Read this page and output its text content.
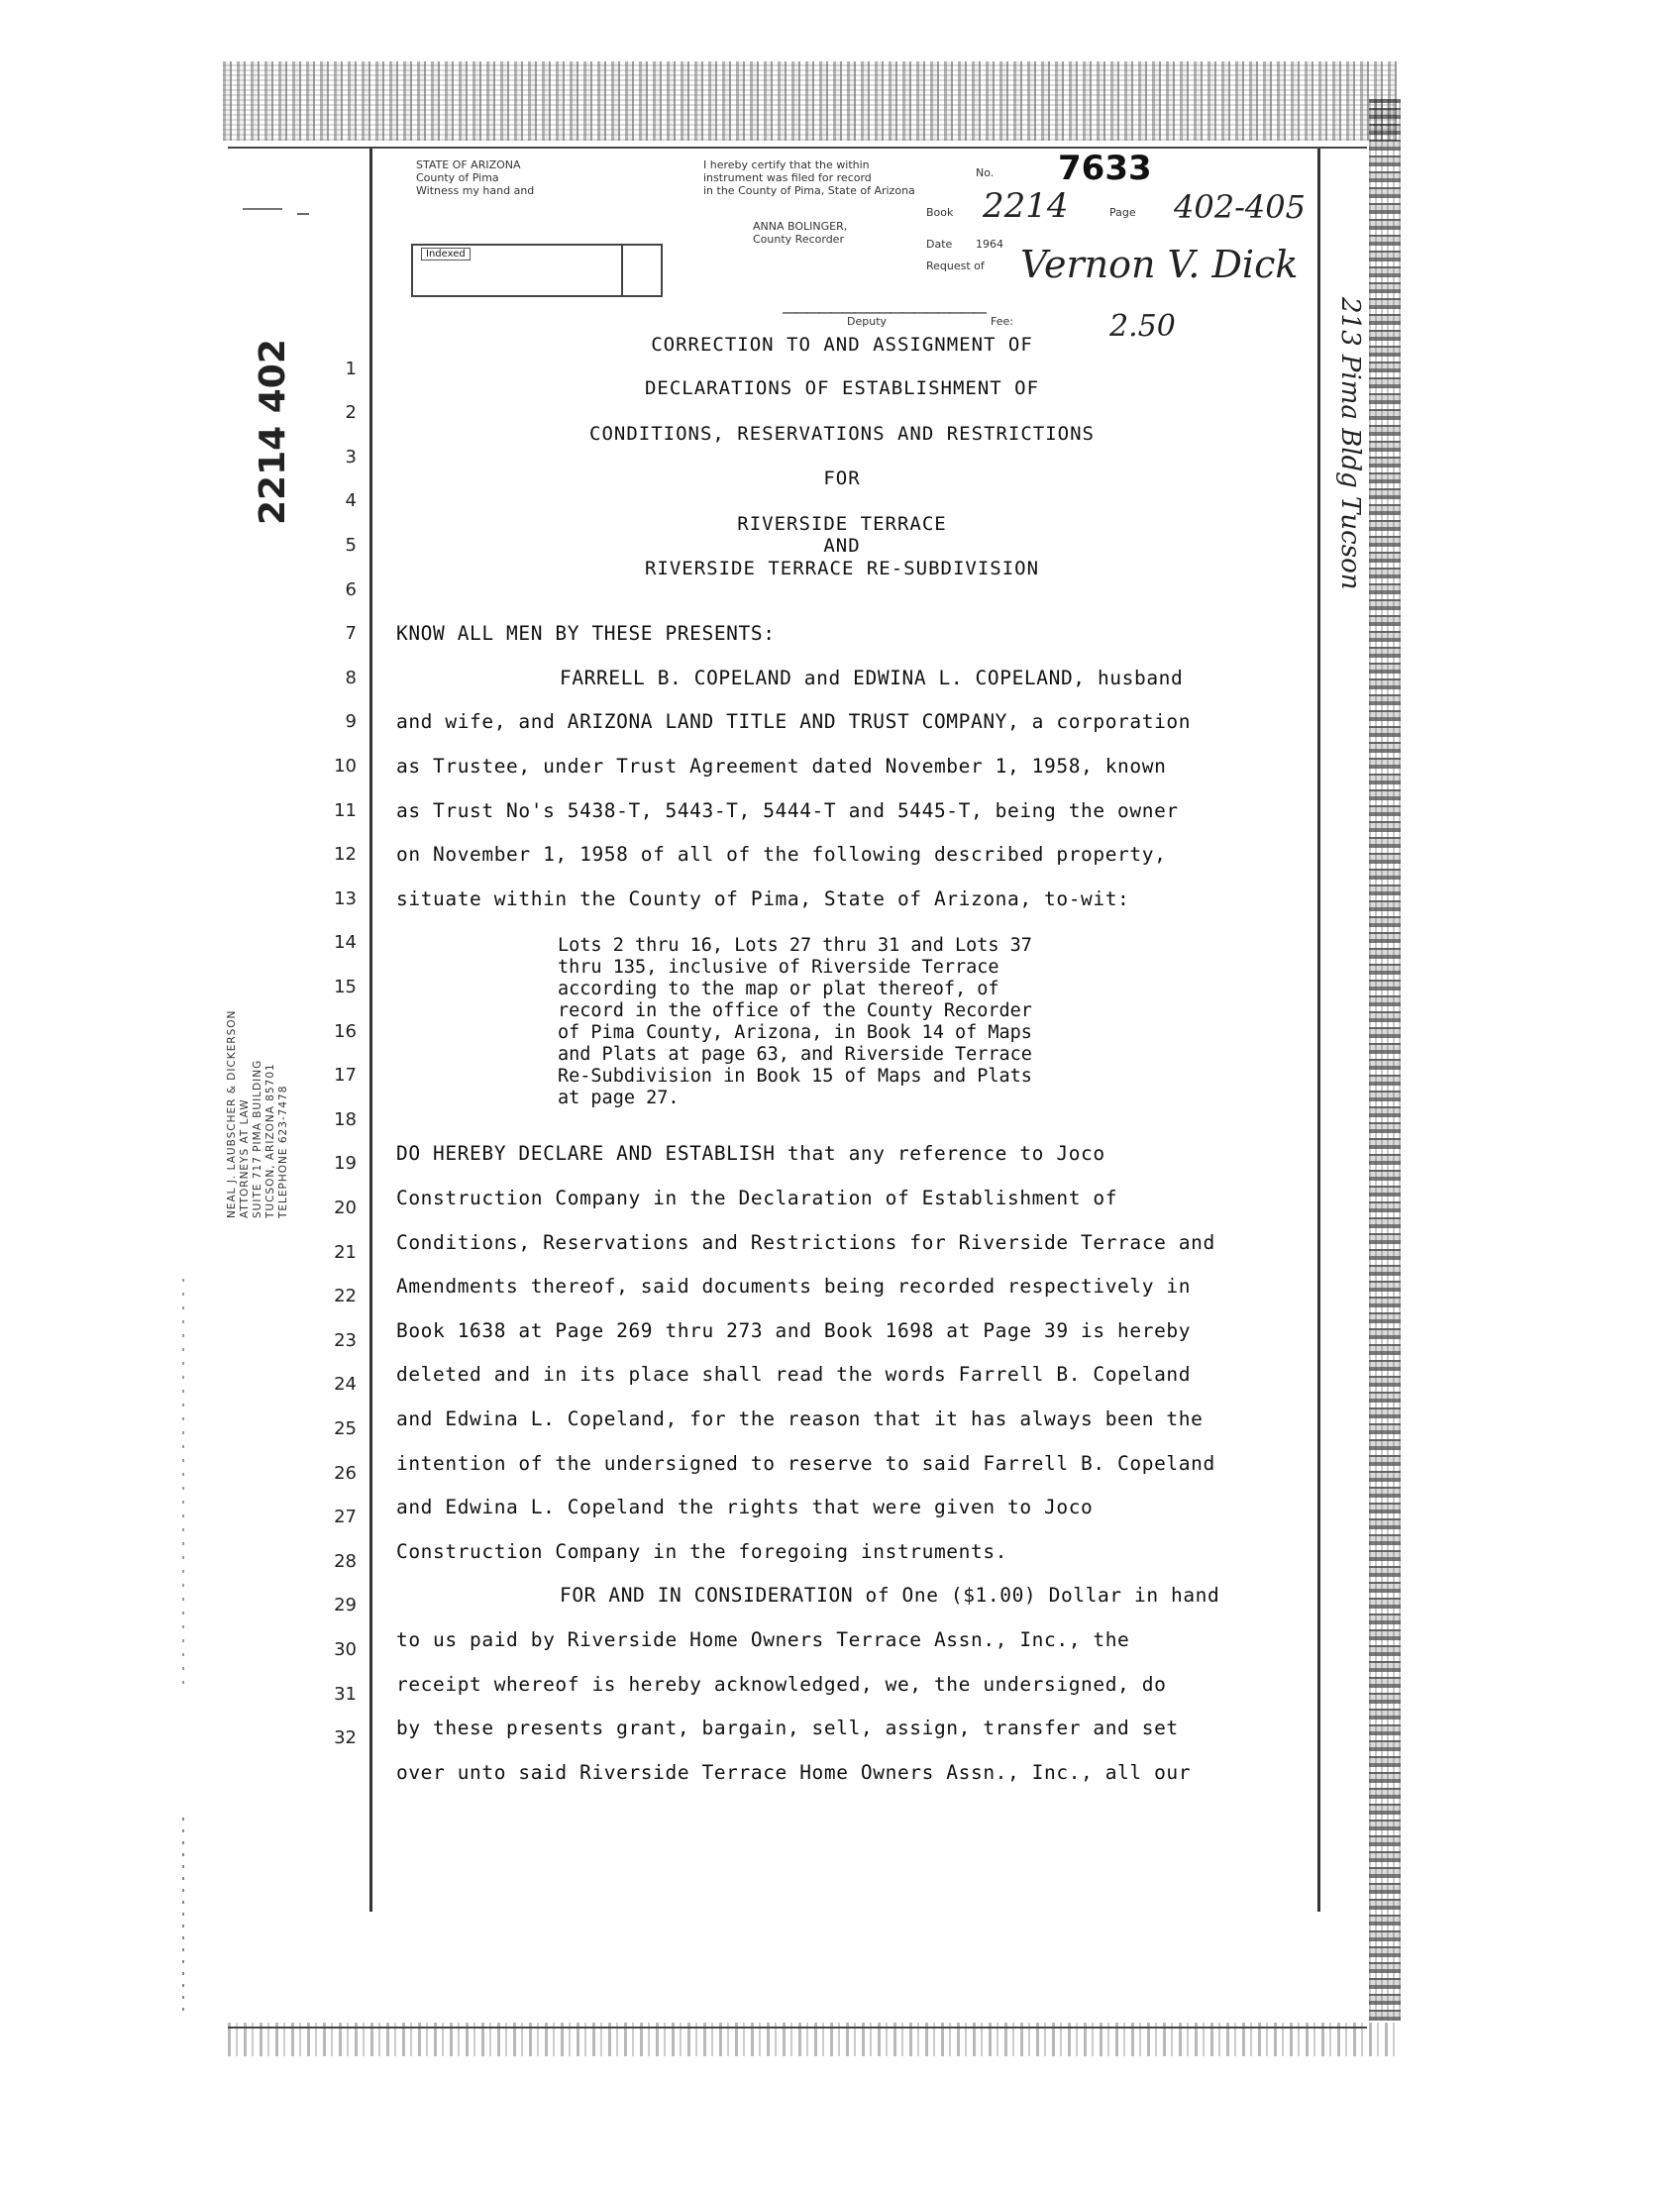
STATE OF ARIZONA
County of Pima
Witness my hand and
I hereby certify that the within
instrument was filed for record
in the County of Pima, State of Arizona
No. 7633
ANNA BOLINGER,
County Recorder
Book 2214	Page 402-405
Date 1964
Request of Vernon V. Dick
_________________
Deputy	Fee:	2.50
Indexed
2214 402
NEAL J. LAUBSCHER & DICKERSON ATTORNEYS AT LAW SUITE 717 PIMA BUILDING TUCSON, ARIZONA 85701 TELEPHONE 623-7478
213 Pima Bldg Tucson
CORRECTION TO AND ASSIGNMENT OF
DECLARATIONS OF ESTABLISHMENT OF
CONDITIONS, RESERVATIONS AND RESTRICTIONS
FOR
RIVERSIDE TERRACE
AND
RIVERSIDE TERRACE RE-SUBDIVISION
1
2
3
4
5
6
7
8
9
10
11
12
13
14
15
16
17
18
19
20
21
22
23
24
25
26
27
28
29
30
31
32
KNOW ALL MEN BY THESE PRESENTS:
FARRELL B. COPELAND and EDWINA L. COPELAND, husband
and wife, and ARIZONA LAND TITLE AND TRUST COMPANY, a corporation
as Trustee, under Trust Agreement dated November 1, 1958, known
as Trust No's 5438-T, 5443-T, 5444-T and 5445-T, being the owner
on November 1, 1958 of all of the following described property,
situate within the County of Pima, State of Arizona, to-wit:
Lots 2 thru 16, Lots 27 thru 31 and Lots 37
thru 135, inclusive of Riverside Terrace
according to the map or plat thereof, of
record in the office of the County Recorder
of Pima County, Arizona, in Book 14 of Maps
and Plats at page 63, and Riverside Terrace
Re-Subdivision in Book 15 of Maps and Plats
at page 27.
DO HEREBY DECLARE AND ESTABLISH that any reference to Joco
Construction Company in the Declaration of Establishment of
Conditions, Reservations and Restrictions for Riverside Terrace and
Amendments thereof, said documents being recorded respectively in
Book 1638 at Page 269 thru 273 and Book 1698 at Page 39 is hereby
deleted and in its place shall read the words Farrell B. Copeland
and Edwina L. Copeland, for the reason that it has always been the
intention of the undersigned to reserve to said Farrell B. Copeland
and Edwina L. Copeland the rights that were given to Joco
Construction Company in the foregoing instruments.
FOR AND IN CONSIDERATION of One ($1.00) Dollar in hand
to us paid by Riverside Home Owners Terrace Assn., Inc., the
receipt whereof is hereby acknowledged, we, the undersigned, do
by these presents grant, bargain, sell, assign, transfer and set
over unto said Riverside Terrace Home Owners Assn., Inc., all our
